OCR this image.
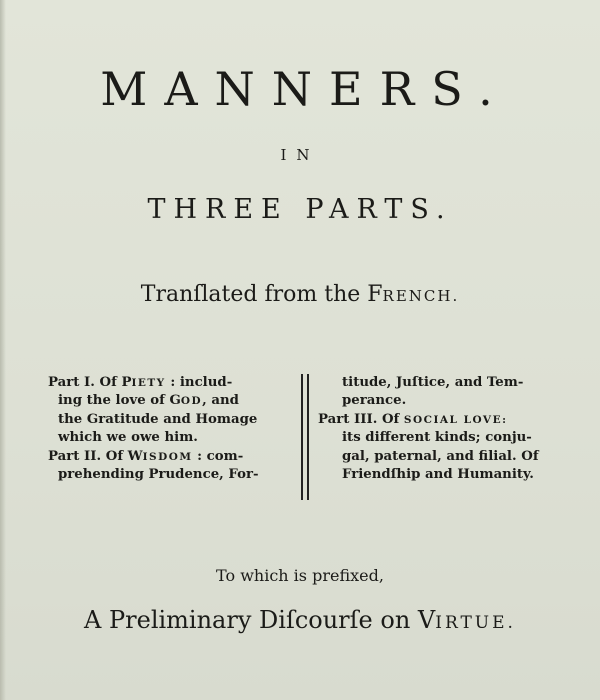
MANNERS.
IN
THREE PARTS.
Tranſlated from the FRENCH.
Part I. Of PIETY : includ-
ing the love of GOD, and
the Gratitude and Homage
which we owe him.
Part II. Of WISDOM : com-
prehending Prudence, For-
titude, Juſtice, and Tem-
perance.
Part III. Of SOCIAL LOVE:
its different kinds; conju-
gal, paternal, and filial. Of
Friendſhip and Humanity.
To which is prefixed,
A Preliminary Diſcourſe on VIRTUE.
